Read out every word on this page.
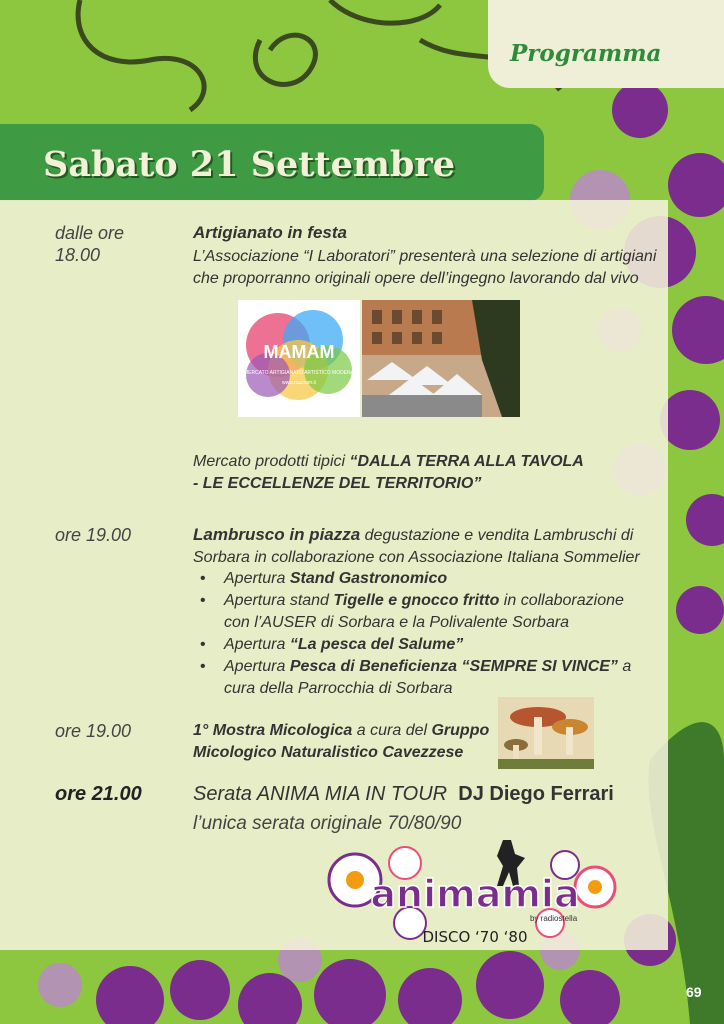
Programma
Sabato 21 Settembre
dalle ore 18.00
Artigianato in festa
L’Associazione “I Laboratori” presenterà una selezione di artigiani che proporranno originali opere dell’ingegno lavorando dal vivo
MAMAM
MERCATO ARTIGIANATO ARTISTICO MODENA
www.mamam.it
Mercato prodotti tipici “DALLA TERRA ALLA TAVOLA - LE ECCELLENZE DEL TERRITORIO”
ore 19.00	Lambrusco in piazza degustazione e vendita Lambruschi di Sorbara in collaborazione con Associazione Italiana Sommelier
• Apertura Stand Gastronomico
• Apertura stand Tigelle e gnocco fritto in collaborazione con l’AUSER di Sorbara e la Polivalente Sorbara
• Apertura “La pesca del Salume”
• Apertura Pesca di Beneficienza “SEMPRE SI VINCE” a cura della Parrocchia di Sorbara
ore 19.00	1° Mostra Micologica a cura del Gruppo Micologico Naturalistico Cavezzese
ore 21.00	Serata ANIMA MIA IN TOUR DJ Diego Ferrari
l’unica serata originale 70/80/90
animamia
by radiostella
DISCO ‘70 ‘80
69
